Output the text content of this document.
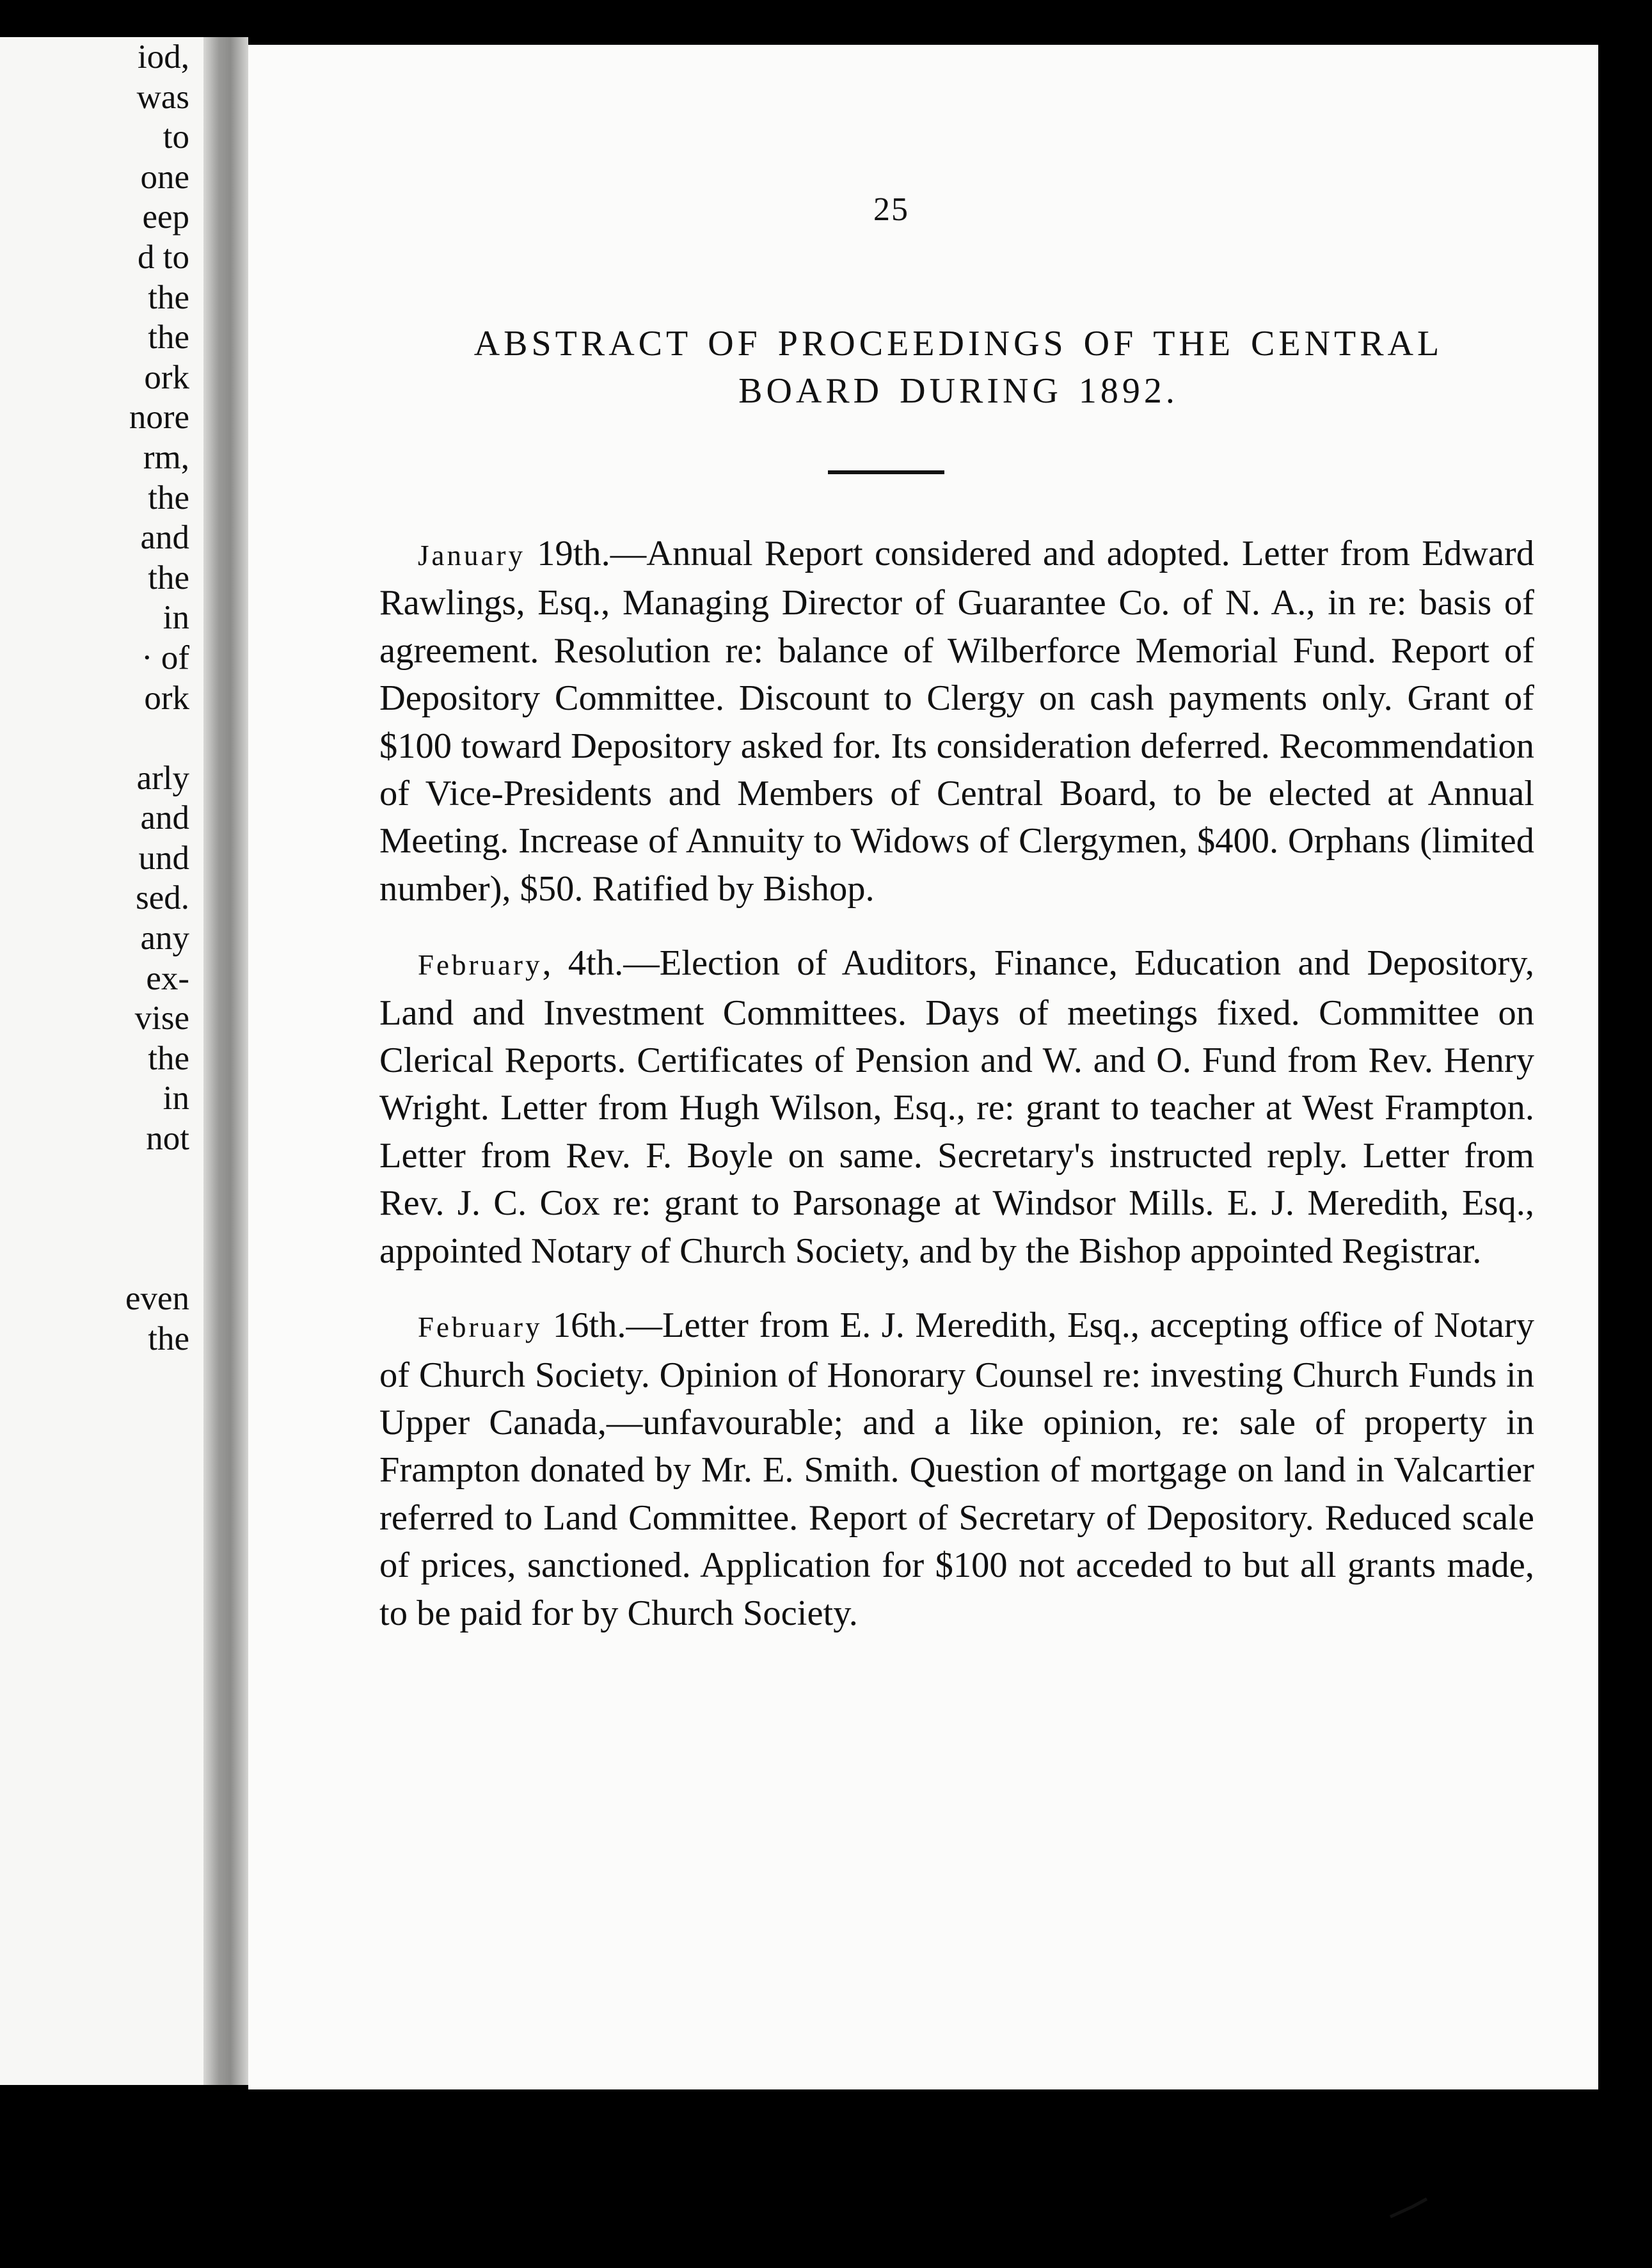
iod,
was
to
one
eep
d to
the
the
ork
nore
rm,
the
and
the
in
· of
ork
arly
and
und
sed.
any
ex-
vise
the
in
not
even
the
25
ABSTRACT OF PROCEEDINGS OF THE CENTRAL
BOARD DURING 1892.

January 19th.—Annual Report considered and adopted. Letter from Edward Rawlings, Esq., Managing Director of Guarantee Co. of N. A., in re: basis of agreement. Resolution re: balance of Wilberforce Memorial Fund. Report of Depository Committee. Discount to Clergy on cash payments only. Grant of $100 toward Depository asked for. Its consideration deferred. Recommendation of Vice-Presidents and Members of Central Board, to be elected at Annual Meeting. Increase of Annuity to Widows of Clergymen, $400. Orphans (limited number), $50. Ratified by Bishop.

February, 4th.—Election of Auditors, Finance, Education and Depository, Land and Investment Committees. Days of meetings fixed. Committee on Clerical Reports. Certificates of Pension and W. and O. Fund from Rev. Henry Wright. Letter from Hugh Wilson, Esq., re: grant to teacher at West Frampton. Letter from Rev. F. Boyle on same. Secretary's instructed reply. Letter from Rev. J. C. Cox re: grant to Parsonage at Windsor Mills. E. J. Meredith, Esq., appointed Notary of Church Society, and by the Bishop appointed Registrar.

February 16th.—Letter from E. J. Meredith, Esq., accepting office of Notary of Church Society. Opinion of Honorary Counsel re: investing Church Funds in Upper Canada,—unfavourable; and a like opinion, re: sale of property in Frampton donated by Mr. E. Smith. Question of mortgage on land in Valcartier referred to Land Committee. Report of Secretary of Depository. Reduced scale of prices, sanctioned. Application for $100 not acceded to but all grants made, to be paid for by Church Society.
